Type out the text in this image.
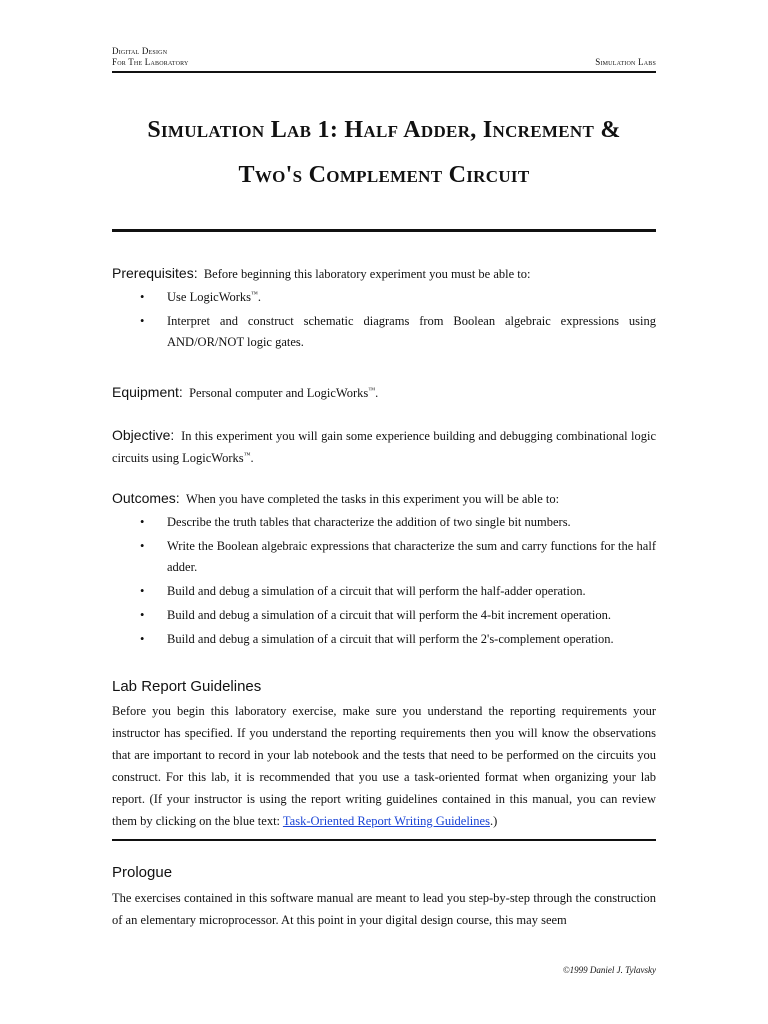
Digital Design
For The Laboratory	Simulation Labs
Simulation Lab 1: Half Adder, Increment &
Two's Complement Circuit
Prerequisites: Before beginning this laboratory experiment you must be able to:
• Use LogicWorks™.
• Interpret and construct schematic diagrams from Boolean algebraic expressions using AND/OR/NOT logic gates.
Equipment: Personal computer and LogicWorks™.
Objective: In this experiment you will gain some experience building and debugging combinational logic circuits using LogicWorks™.
Outcomes: When you have completed the tasks in this experiment you will be able to:
• Describe the truth tables that characterize the addition of two single bit numbers.
• Write the Boolean algebraic expressions that characterize the sum and carry functions for the half adder.
• Build and debug a simulation of a circuit that will perform the half-adder operation.
• Build and debug a simulation of a circuit that will perform the 4-bit increment operation.
• Build and debug a simulation of a circuit that will perform the 2's-complement operation.
Lab Report Guidelines
Before you begin this laboratory exercise, make sure you understand the reporting requirements your instructor has specified. If you understand the reporting requirements then you will know the observations that are important to record in your lab notebook and the tests that need to be performed on the circuits you construct. For this lab, it is recommended that you use a task-oriented format when organizing your lab report. (If your instructor is using the report writing guidelines contained in this manual, you can review them by clicking on the blue text: Task-Oriented Report Writing Guidelines.)
Prologue
The exercises contained in this software manual are meant to lead you step-by-step through the construction of an elementary microprocessor. At this point in your digital design course, this may seem
©1999 Daniel J. Tylavsky
